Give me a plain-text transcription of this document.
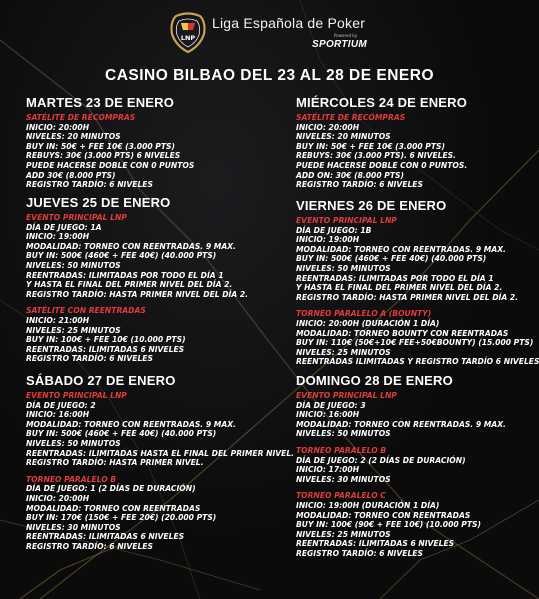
LNP
Liga Española de Poker
Powered by
SPORTIUM
CASINO BILBAO DEL 23 AL 28 DE ENERO
MARTES 23 DE ENERO
SATÉLITE DE RECOMPRAS
INICIO: 20:00H
NIVELES: 20 MINUTOS
BUY IN: 50€ + FEE 10€ (3.000 PTS)
REBUYS: 30€ (3.000 PTS) 6 NIVELES
PUEDE HACERSE DOBLE CON 0 PUNTOS
ADD 30€ (8.000 PTS)
REGISTRO TARDÍO: 6 NIVELES
MIÉRCOLES 24 DE ENERO
SATÉLITE DE RECOMPRAS
INICIO: 20:00H
NIVELES: 20 MINUTOS
BUY IN: 50€ + FEE 10€ (3.000 PTS)
REBUYS: 30€ (3.000 PTS). 6 NIVELES.
PUEDE HACERSE DOBLE CON 0 PUNTOS.
ADD ON: 30€ (8.000 PTS)
REGISTRO TARDÍO: 6 NIVELES
JUEVES 25 DE ENERO
EVENTO PRINCIPAL LNP
DÍA DE JUEGO: 1A
INICIO: 19:00H
MODALIDAD: TORNEO CON REENTRADAS. 9 MAX.
BUY IN: 500€ (460€ + FEE 40€) (40.000 PTS)
NIVELES: 50 MINUTOS
REENTRADAS: ILIMITADAS POR TODO EL DÍA 1
Y HASTA EL FINAL DEL PRIMER NIVEL DEL DÍA 2.
REGISTRO TARDÍO: HASTA PRIMER NIVEL DEL DÍA 2.
SATÉLITE CON REENTRADAS
INICIO: 21:00H
NIVELES: 25 MINUTOS
BUY IN: 100€ + FEE 10€ (10.000 PTS)
REENTRADAS: ILIMITADAS 6 NIVELES
REGISTRO TARDÍO: 6 NIVELES
VIERNES 26 DE ENERO
EVENTO PRINCIPAL LNP
DÍA DE JUEGO: 1B
INICIO: 19:00H
MODALIDAD: TORNEO CON REENTRADAS. 9 MAX.
BUY IN: 500€ (460€ + FEE 40€) (40.000 PTS)
NIVELES: 50 MINUTOS
REENTRADAS: ILIMITADAS POR TODO EL DÍA 1
Y HASTA EL FINAL DEL PRIMER NIVEL DEL DÍA 2.
REGISTRO TARDÍO: HASTA PRIMER NIVEL DEL DÍA 2.
TORNEO PARALELO A (BOUNTY)
INICIO: 20:00H (DURACIÓN 1 DÍA)
MODALIDAD: TORNEO BOUNTY CON REENTRADAS
BUY IN: 110€ (50€+10€ FEE+50€BOUNTY) (15.000 PTS)
NIVELES: 25 MINUTOS
REENTRADAS ILIMITADAS Y REGISTRO TARDÍO 6 NIVELES
SÁBADO 27 DE ENERO
EVENTO PRINCIPAL LNP
DÍA DE JUEGO: 2
INICIO: 16:00H
MODALIDAD: TORNEO CON REENTRADAS. 9 MAX.
BUY IN: 500€ (460€ + FEE 40€) (40.000 PTS)
NIVELES: 50 MINUTOS
REENTRADAS: ILIMITADAS HASTA EL FINAL DEL PRIMER NIVEL.
REGISTRO TARDÍO: HASTA PRIMER NIVEL.
TORNEO PARALELO B
DÍA DE JUEGO: 1 (2 DÍAS DE DURACIÓN)
INICIO: 20:00H
MODALIDAD: TORNEO CON REENTRADAS
BUY IN: 170€ (150€ + FEE 20€) (20.000 PTS)
NIVELES: 30 MINUTOS
REENTRADAS: ILIMITADAS 6 NIVELES
REGISTRO TARDÍO: 6 NIVELES
DOMINGO 28 DE ENERO
EVENTO PRINCIPAL LNP
DÍA DE JUEGO: 3
INICIO: 16:00H
MODALIDAD: TORNEO CON REENTRADAS. 9 MAX.
NIVELES: 50 MINUTOS
TORNEO PARALELO B
DÍA DE JUEGO: 2 (2 DÍAS DE DURACIÓN)
INICIO: 17:00H
NIVELES: 30 MINUTOS
TORNEO PARALELO C
INICIO: 19:00H (DURACIÓN 1 DÍA)
MODALIDAD: TORNEO CON REENTRADAS
BUY IN: 100€ (90€ + FEE 10€) (10.000 PTS)
NIVELES: 25 MINUTOS
REENTRADAS: ILIMITADAS 6 NIVELES
REGISTRO TARDÍO: 6 NIVELES
